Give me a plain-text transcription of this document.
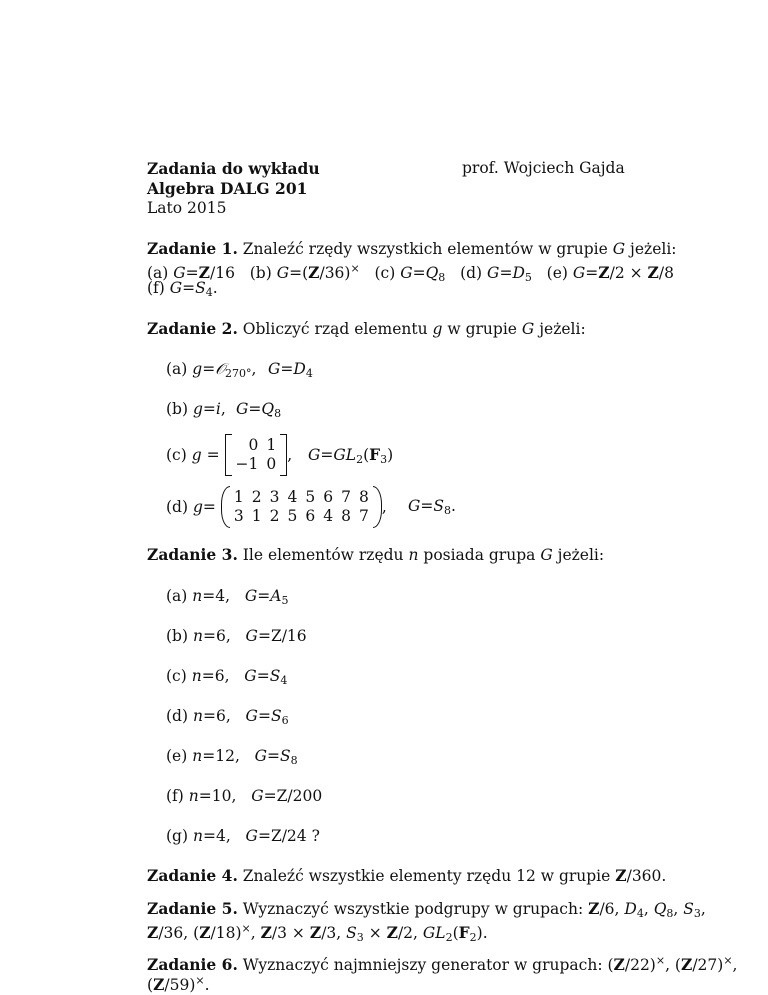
Zadania do wykładu
Algebra DALG 201
Lato 2015
prof. Wojciech Gajda
Zadanie 1. Znaleźć rzędy wszystkich elementów w grupie G jeżeli:
(a) G=Z/16 (b) G=(Z/36)× (c) $G=Q_8$ (d) $G=D_5$ (e) G=Z/2 × Z/8
(f) $G=S_4$.
Zadanie 2. Obliczyć rząd elementu g w grupie G jeżeli:
(a) g=𝒪$_{270^\circ}$, $G=D_4$
(b) g=i, $G=Q_8$
(c)
g =
0	1
−1	0
, $G=GL_2(F_3)$
(d)
g =
1	2	3	4	5	6	7	8
3	1	2	5	6	4	8	7
, $G=S_8$.
Zadanie 3. Ile elementów rzędu n posiada grupa G jeżeli:
(a) n=4,   $G=A_5$
(b) n=6,   G=Z/16
(c) n=6,   $G=S_4$
(d) n=6,   $G=S_6$
(e) n=12,   $G=S_8$
(f) n=10,   G=Z/200
(g) n=4,   G=Z/24 ?
Zadanie 4. Znaleźć wszystkie elementy rzędu 12 w grupie Z/360.
Zadanie 5. Wyznaczyć wszystkie podgrupy w grupach: Z/6, $D_4$, $Q_8$, $S_3$,
Z/36, (Z/18)×, Z/3 × Z/3, $S_3 \times Z/2$, $GL_2(F_2)$.
Zadanie 6. Wyznaczyć najmniejszy generator w grupach: (Z/22)×, (Z/27)×,
(Z/59)×.
